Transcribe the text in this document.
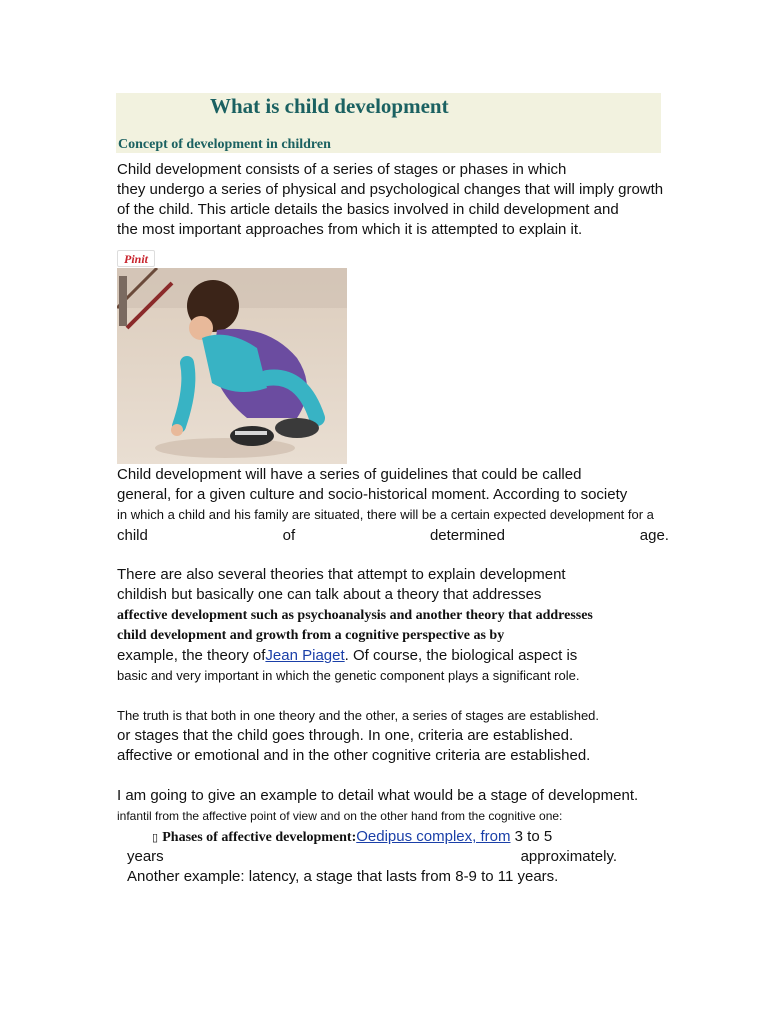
What is child development
Concept of development in children
Child development consists of a series of stages or phases in which
they undergo a series of physical and psychological changes that will imply growth
of the child. This article details the basics involved in child development and
the most important approaches from which it is attempted to explain it.
Pinit
Child development will have a series of guidelines that could be called
general, for a given culture and socio-historical moment. According to society
in which a child and his family are situated, there will be a certain expected development for a
child	of	determined	age.
There are also several theories that attempt to explain development
childish but basically one can talk about a theory that addresses
affective development such as psychoanalysis and another theory that addresses
child development and growth from a cognitive perspective as by
example, the theory ofJean Piaget. Of course, the biological aspect is
basic and very important in which the genetic component plays a significant role.
The truth is that both in one theory and the other, a series of stages are established.
or stages that the child goes through. In one, criteria are established.
affective or emotional and in the other cognitive criteria are established.
I am going to give an example to detail what would be a stage of development.
infantil from the affective point of view and on the other hand from the cognitive one:
▯ Phases of affective development:Oedipus complex, from 3 to 5
years	approximately.
Another example: latency, a stage that lasts from 8-9 to 11 years.
